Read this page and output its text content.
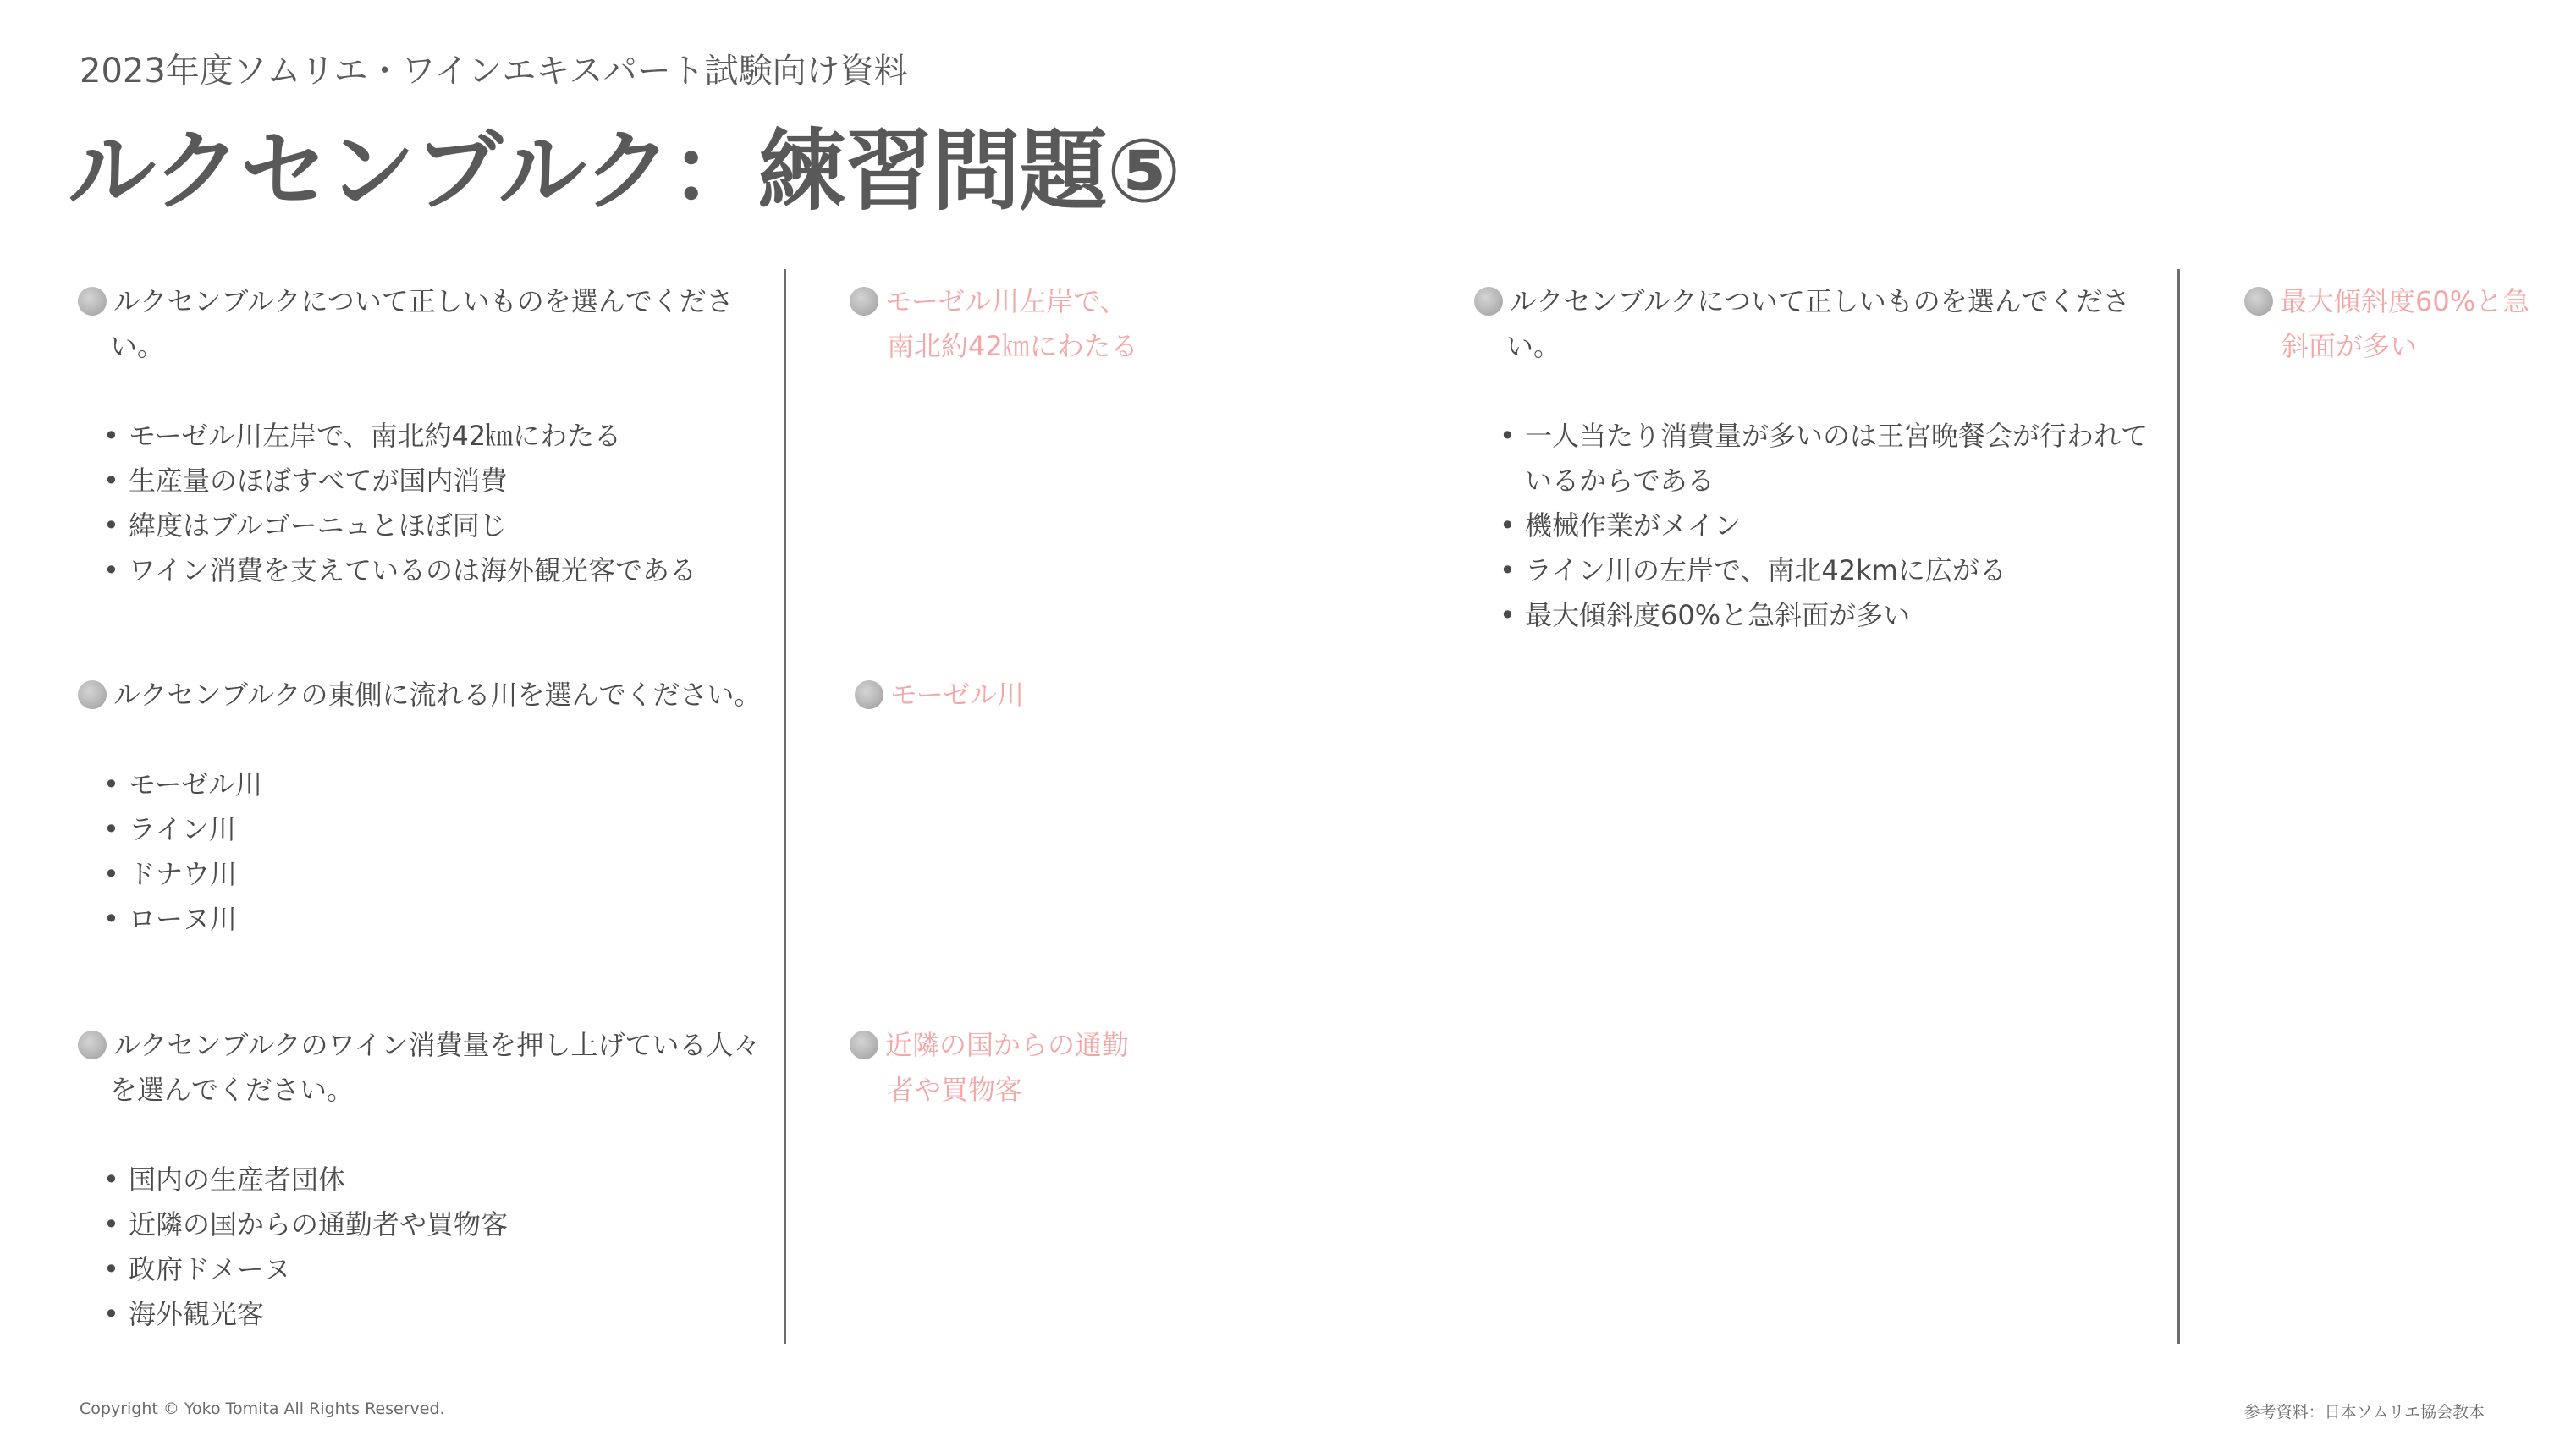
2023年度ソムリエ・ワインエキスパート試験向け資料
ルクセンブルク：練習問題⑤
ルクセンブルクについて正しいものを選んでください。
• モーゼル川左岸で、南北約42㎞にわたる
• 生産量のほぼすべてが国内消費
• 緯度はブルゴーニュとほぼ同じ
• ワイン消費を支えているのは海外観光客である
モーゼル川左岸で、南北約42㎞にわたる
ルクセンブルクの東側に流れる川を選んでください。
• モーゼル川
• ライン川
• ドナウ川
• ローヌ川
モーゼル川
ルクセンブルクのワイン消費量を押し上げている人々を選んでください。
• 国内の生産者団体
• 近隣の国からの通勤者や買物客
• 政府ドメーヌ
• 海外観光客
近隣の国からの通勤者や買物客
ルクセンブルクについて正しいものを選んでください。
• 一人当たり消費量が多いのは王宮晩餐会が行われているからである
• 機械作業がメイン
• ライン川の左岸で、南北42kmに広がる
• 最大傾斜度60%と急斜面が多い
最大傾斜度60%と急斜面が多い
Copyright © Yoko Tomita All Rights Reserved.	参考資料：日本ソムリエ協会教本
